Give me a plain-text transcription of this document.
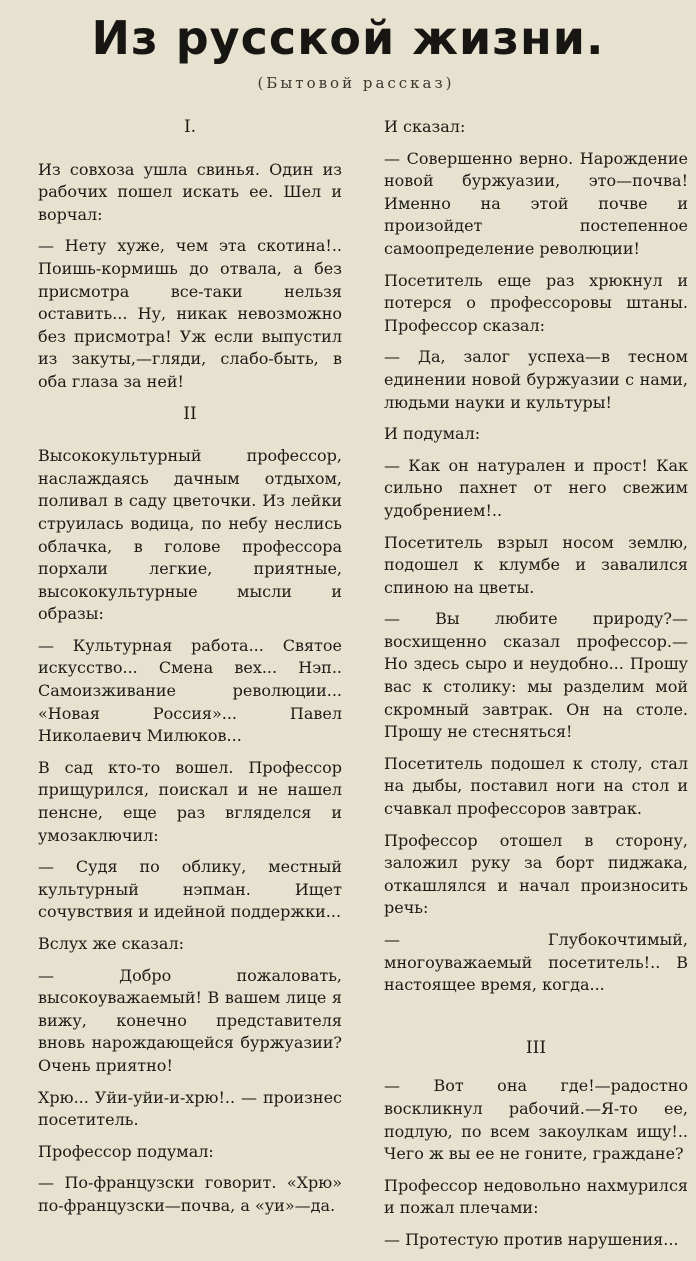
Из русской жизни.
(Бытовой рассказ)
I.

Из совхоза ушла свинья. Один из рабочих пошел искать ее. Шел и ворчал:

— Нету хуже, чем эта скотина!.. Поишь-кормишь до отвала, а без присмотра все-таки нельзя оставить... Ну, никак невозможно без присмотра! Уж если выпустил из закуты,—гляди, слабо-быть, в оба глаза за ней!

II

Высококультурный профессор, наслаждаясь дачным отдыхом, поливал в саду цветочки. Из лейки струилась водица, по небу неслись облачка, в голове профессора порхали легкие, приятные, высококультурные мысли и образы:

— Культурная работа... Святое искусство... Смена вех... Нэп.. Самоизживание революции... «Новая Россия»... Павел Николаевич Милюков...

В сад кто-то вошел. Профессор прищурился, поискал и не нашел пенсне, еще раз вгляделся и умозаключил:

— Судя по облику, местный культурный нэпман. Ищет сочувствия и идейной поддержки...

Вслух же сказал:

— Добро пожаловать, высокоуважаемый! В вашем лице я вижу, конечно представителя вновь нарождающейся буржуазии? Очень приятно!

Хрю... Уйи-уйи-и-хрю!.. — произнес посетитель.

Профессор подумал:

— По-французски говорит. «Хрю» по-французски—почва, а «уи»—да.

И сказал:

— Совершенно верно. Нарождение новой буржуазии, это—почва! Именно на этой почве и произойдет постепенное самоопределение революции!

Посетитель еще раз хрюкнул и потерся о профессоровы штаны. Профессор сказал:

— Да, залог успеха—в тесном единении новой буржуазии с нами, людьми науки и культуры!

И подумал:

— Как он натурален и прост! Как сильно пахнет от него свежим удобрением!..

Посетитель взрыл носом землю, подошел к клумбе и завалился спиною на цветы.

— Вы любите природу?—восхищенно сказал профессор.—Но здесь сыро и неудобно... Прошу вас к столику: мы разделим мой скромный завтрак. Он на столе. Прошу не стесняться!

Посетитель подошел к столу, стал на дыбы, поставил ноги на стол и счавкал профессоров завтрак.

Профессор отошел в сторону, заложил руку за борт пиджака, откашлялся и начал произносить речь:

— Глубокочтимый, многоуважаемый посетитель!.. В настоящее время, когда...

III

— Вот она где!—радостно воскликнул рабочий.—Я-то ее, подлую, по всем закоулкам ищу!.. Чего ж вы ее не гоните, граждане?

Профессор недовольно нахмурился и пожал плечами:

— Протестую против нарушения...
